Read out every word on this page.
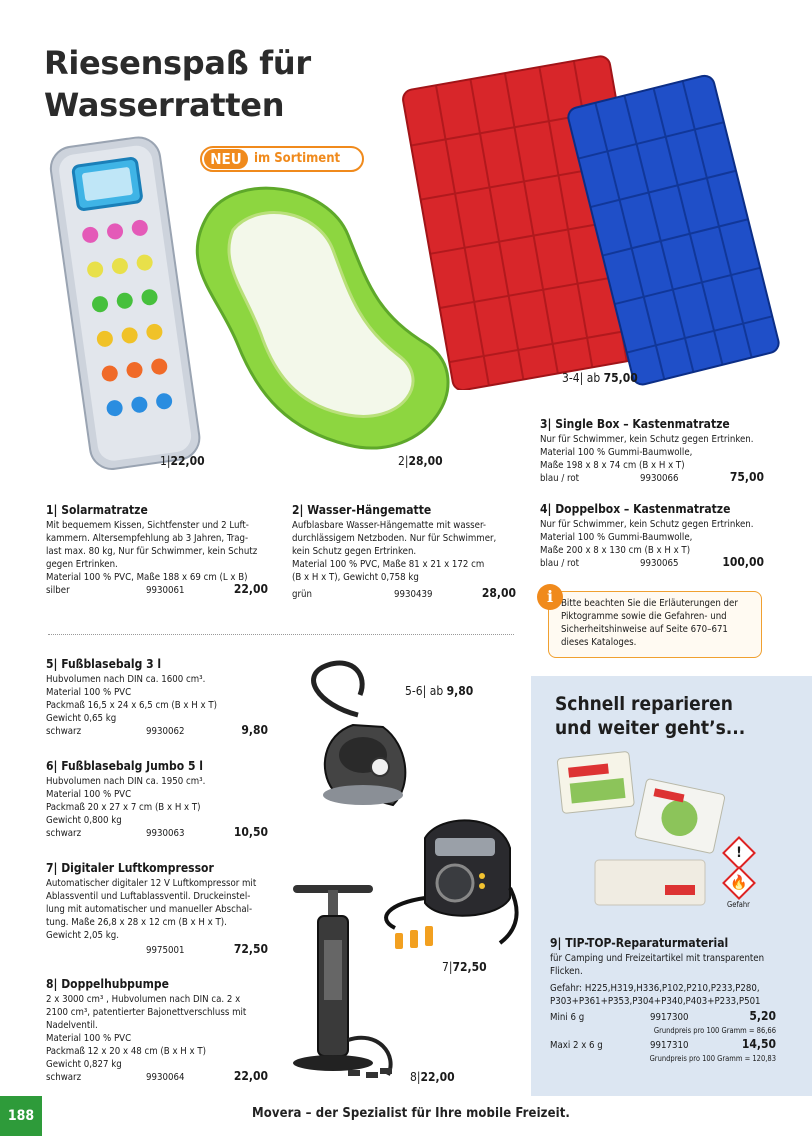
Riesenspaß für
Wasserratten
NEU im Sortiment
1|22,00	2|28,00
3-4| ab 75,00
1| Solarmatratze
Mit bequemem Kissen, Sichtfenster und 2 Luft-
kammern. Altersempfehlung ab 3 Jahren, Trag-
last max. 80 kg, Nur für Schwimmer, kein Schutz
gegen Ertrinken.
Material 100 % PVC, Maße 188 x 69 cm (L x B)
silber	9930061	22,00
2| Wasser-Hängematte
Aufblasbare Wasser-Hängematte mit wasser-
durchlässigem Netzboden. Nur für Schwimmer,
kein Schutz gegen Ertrinken.
Material 100 % PVC, Maße 81 x 21 x 172 cm
(B x H x T), Gewicht 0,758 kg
grün	9930439	28,00
3| Single Box – Kastenmatratze
Nur für Schwimmer, kein Schutz gegen Ertrinken.
Material 100 % Gummi-Baumwolle,
Maße 198 x 8 x 74 cm (B x H x T)
blau / rot	9930066	75,00
4| Doppelbox – Kastenmatratze
Nur für Schwimmer, kein Schutz gegen Ertrinken.
Material 100 % Gummi-Baumwolle,
Maße 200 x 8 x 130 cm (B x H x T)
blau / rot	9930065	100,00
i Bitte beachten Sie die Erläuterungen der
Piktogramme sowie die Gefahren- und
Sicherheitshinweise auf Seite 670–671
dieses Kataloges.
5| Fußblasebalg 3 l
Hubvolumen nach DIN ca. 1600 cm³.
Material 100 % PVC
Packmaß 16,5 x 24 x 6,5 cm (B x H x T)
Gewicht 0,65 kg
schwarz	9930062	9,80
6| Fußblasebalg Jumbo 5 l
Hubvolumen nach DIN ca. 1950 cm³.
Material 100 % PVC
Packmaß 20 x 27 x 7 cm (B x H x T)
Gewicht 0,800 kg
schwarz	9930063	10,50
7| Digitaler Luftkompressor
Automatischer digitaler 12 V Luftkompressor mit
Ablassventil und Luftablassventil. Druckeinstel-
lung mit automatischer und manueller Abschal-
tung. Maße 26,8 x 28 x 12 cm (B x H x T).
Gewicht 2,05 kg.
9975001	72,50
8| Doppelhubpumpe
2 x 3000 cm³ , Hubvolumen nach DIN ca. 2 x
2100 cm³, patentierter Bajonettverschluss mit
Nadelventil.
Material 100 % PVC
Packmaß 12 x 20 x 48 cm (B x H x T)
Gewicht 0,827 kg
schwarz	9930064	22,00
5-6| ab 9,80
7|72,50
8|22,00
Schnell reparieren
und weiter geht’s...
!
🔥
Gefahr
9| TIP-TOP-Reparaturmaterial
für Camping und Freizeitartikel mit transparenten
Flicken.
Gefahr: H225,H319,H336,P102,P210,P233,P280,
P303+P361+P353,P304+P340,P403+P233,P501
Mini 6 g	9917300	5,20
Grundpreis pro 100 Gramm = 86,66
Maxi 2 x 6 g	9917310	14,50
Grundpreis pro 100 Gramm = 120,83
188	Movera – der Spezialist für Ihre mobile Freizeit.
